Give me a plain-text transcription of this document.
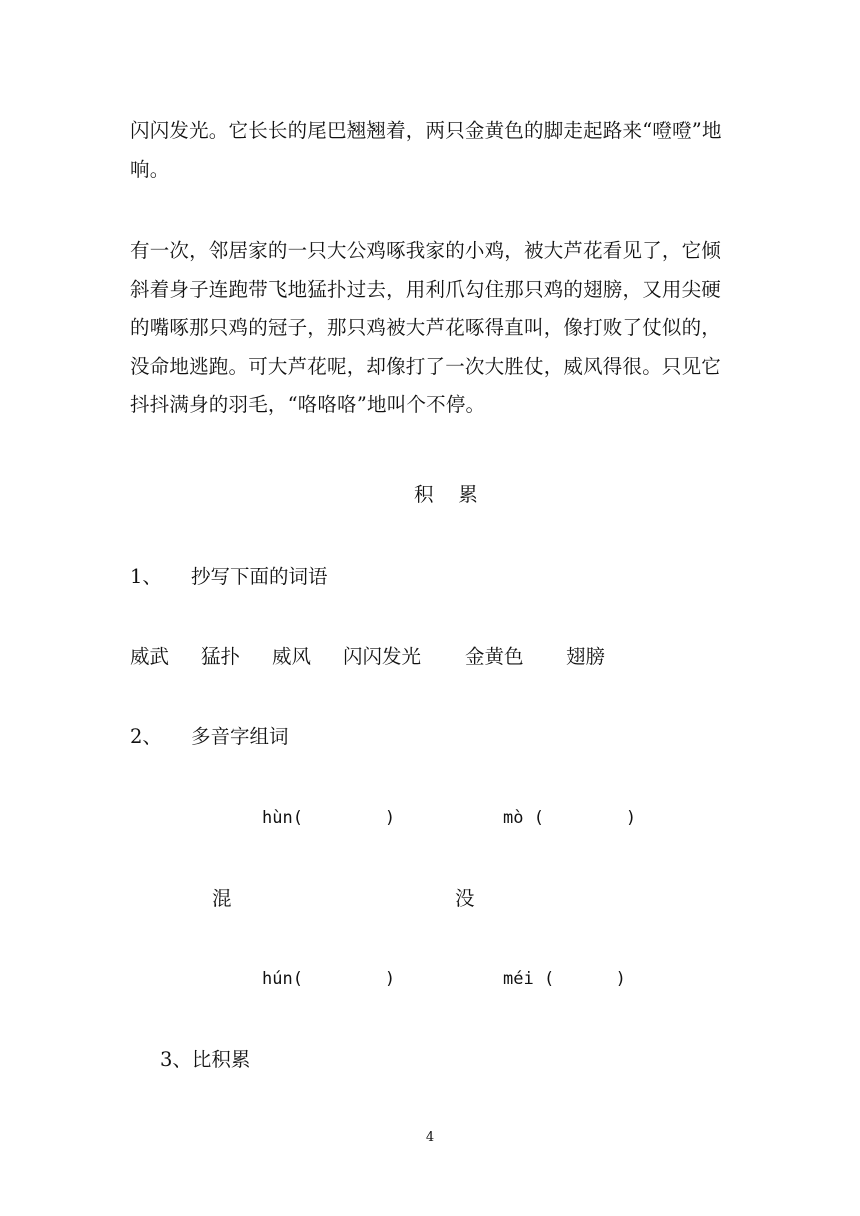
闪闪发光。它长长的尾巴翘翘着，两只金黄色的脚走起路来“噔噔”地响。

有一次，邻居家的一只大公鸡啄我家的小鸡，被大芦花看见了，它倾斜着身子连跑带飞地猛扑过去，用利爪勾住那只鸡的翅膀，又用尖硬的嘴啄那只鸡的冠子，那只鸡被大芦花啄得直叫，像打败了仗似的，没命地逃跑。可大芦花呢，却像打了一次大胜仗，威风得很。只见它抖抖满身的羽毛，“咯咯咯”地叫个不停。

积    累
1、 抄写下面的词语
威武 猛扑 威风 闪闪发光 金黄色 翅膀
2、 多音字组词
hùn(        )	mò (        )
混	没
hún(        )	méi (      )
3、比积累
4
